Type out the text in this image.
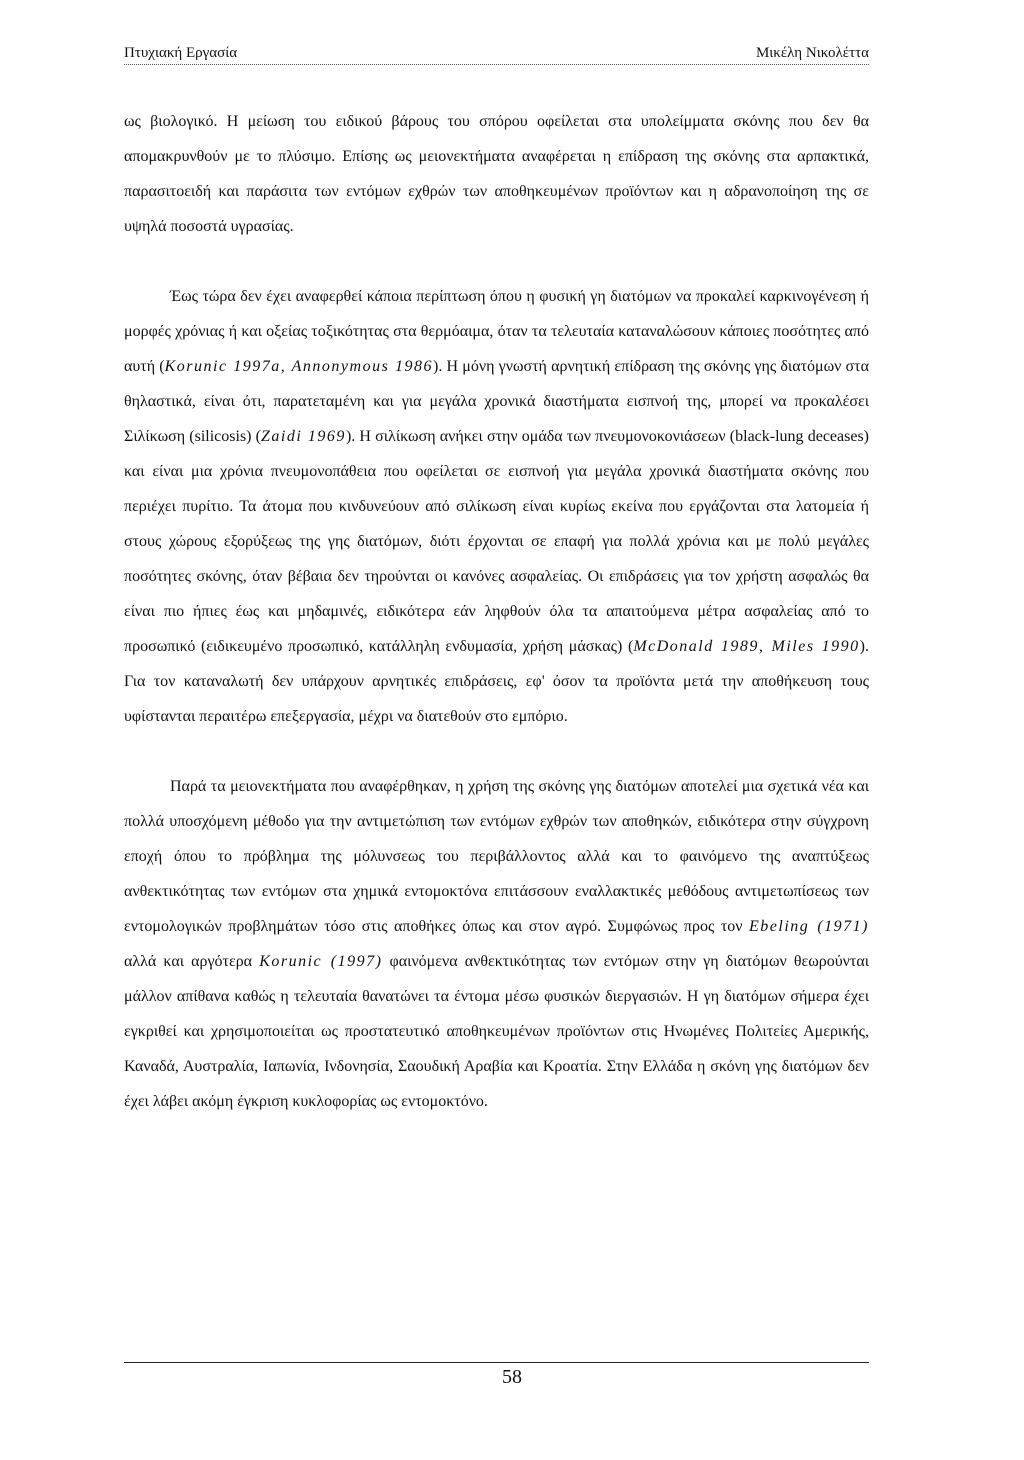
Πτυχιακή Εργασία	Μικέλη Νικολέττα

ως βιολογικό. Η μείωση του ειδικού βάρους του σπόρου οφείλεται στα υπολείμματα σκόνης που δεν θα απομακρυνθούν με το πλύσιμο. Επίσης ως μειονεκτήματα αναφέρεται η επίδραση της σκόνης στα αρπακτικά, παρασιτοειδή και παράσιτα των εντόμων εχθρών των αποθηκευμένων προϊόντων και η αδρανοποίηση της σε υψηλά ποσοστά υγρασίας.

Έως τώρα δεν έχει αναφερθεί κάποια περίπτωση όπου η φυσική γη διατόμων να προκαλεί καρκινογένεση ή μορφές χρόνιας ή και οξείας τοξικότητας στα θερμόαιμα, όταν τα τελευταία καταναλώσουν κάποιες ποσότητες από αυτή (Korunic 1997a, Annonymous 1986). Η μόνη γνωστή αρνητική επίδραση της σκόνης γης διατόμων στα θηλαστικά, είναι ότι, παρατεταμένη και για μεγάλα χρονικά διαστήματα εισπνοή της, μπορεί να προκαλέσει Σιλίκωση (silicosis) (Zaidi 1969). Η σιλίκωση ανήκει στην ομάδα των πνευμονοκονιάσεων (black-lung deceases) και είναι μια χρόνια πνευμονοπάθεια που οφείλεται σε εισπνοή για μεγάλα χρονικά διαστήματα σκόνης που περιέχει πυρίτιο. Τα άτομα που κινδυνεύουν από σιλίκωση είναι κυρίως εκείνα που εργάζονται στα λατομεία ή στους χώρους εξορύξεως της γης διατόμων, διότι έρχονται σε επαφή για πολλά χρόνια και με πολύ μεγάλες ποσότητες σκόνης, όταν βέβαια δεν τηρούνται οι κανόνες ασφαλείας. Οι επιδράσεις για τον χρήστη ασφαλώς θα είναι πιο ήπιες έως και μηδαμινές, ειδικότερα εάν ληφθούν όλα τα απαιτούμενα μέτρα ασφαλείας από το προσωπικό (ειδικευμένο προσωπικό, κατάλληλη ενδυμασία, χρήση μάσκας) (McDonald 1989, Miles 1990). Για τον καταναλωτή δεν υπάρχουν αρνητικές επιδράσεις, εφ' όσον τα προϊόντα μετά την αποθήκευση τους υφίστανται περαιτέρω επεξεργασία, μέχρι να διατεθούν στο εμπόριο.

Παρά τα μειονεκτήματα που αναφέρθηκαν, η χρήση της σκόνης γης διατόμων αποτελεί μια σχετικά νέα και πολλά υποσχόμενη μέθοδο για την αντιμετώπιση των εντόμων εχθρών των αποθηκών, ειδικότερα στην σύγχρονη εποχή όπου το πρόβλημα της μόλυνσεως του περιβάλλοντος αλλά και το φαινόμενο της αναπτύξεως ανθεκτικότητας των εντόμων στα χημικά εντομοκτόνα επιτάσσουν εναλλακτικές μεθόδους αντιμετωπίσεως των εντομολογικών προβλημάτων τόσο στις αποθήκες όπως και στον αγρό. Συμφώνως προς τον Ebeling (1971) αλλά και αργότερα Korunic (1997) φαινόμενα ανθεκτικότητας των εντόμων στην γη διατόμων θεωρούνται μάλλον απίθανα καθώς η τελευταία θανατώνει τα έντομα μέσω φυσικών διεργασιών. Η γη διατόμων σήμερα έχει εγκριθεί και χρησιμοποιείται ως προστατευτικό αποθηκευμένων προϊόντων στις Ηνωμένες Πολιτείες Αμερικής, Καναδά, Αυστραλία, Ιαπωνία, Ινδονησία, Σαουδική Αραβία και Κροατία. Στην Ελλάδα η σκόνη γης διατόμων δεν έχει λάβει ακόμη έγκριση κυκλοφορίας ως εντομοκτόνο.

58
